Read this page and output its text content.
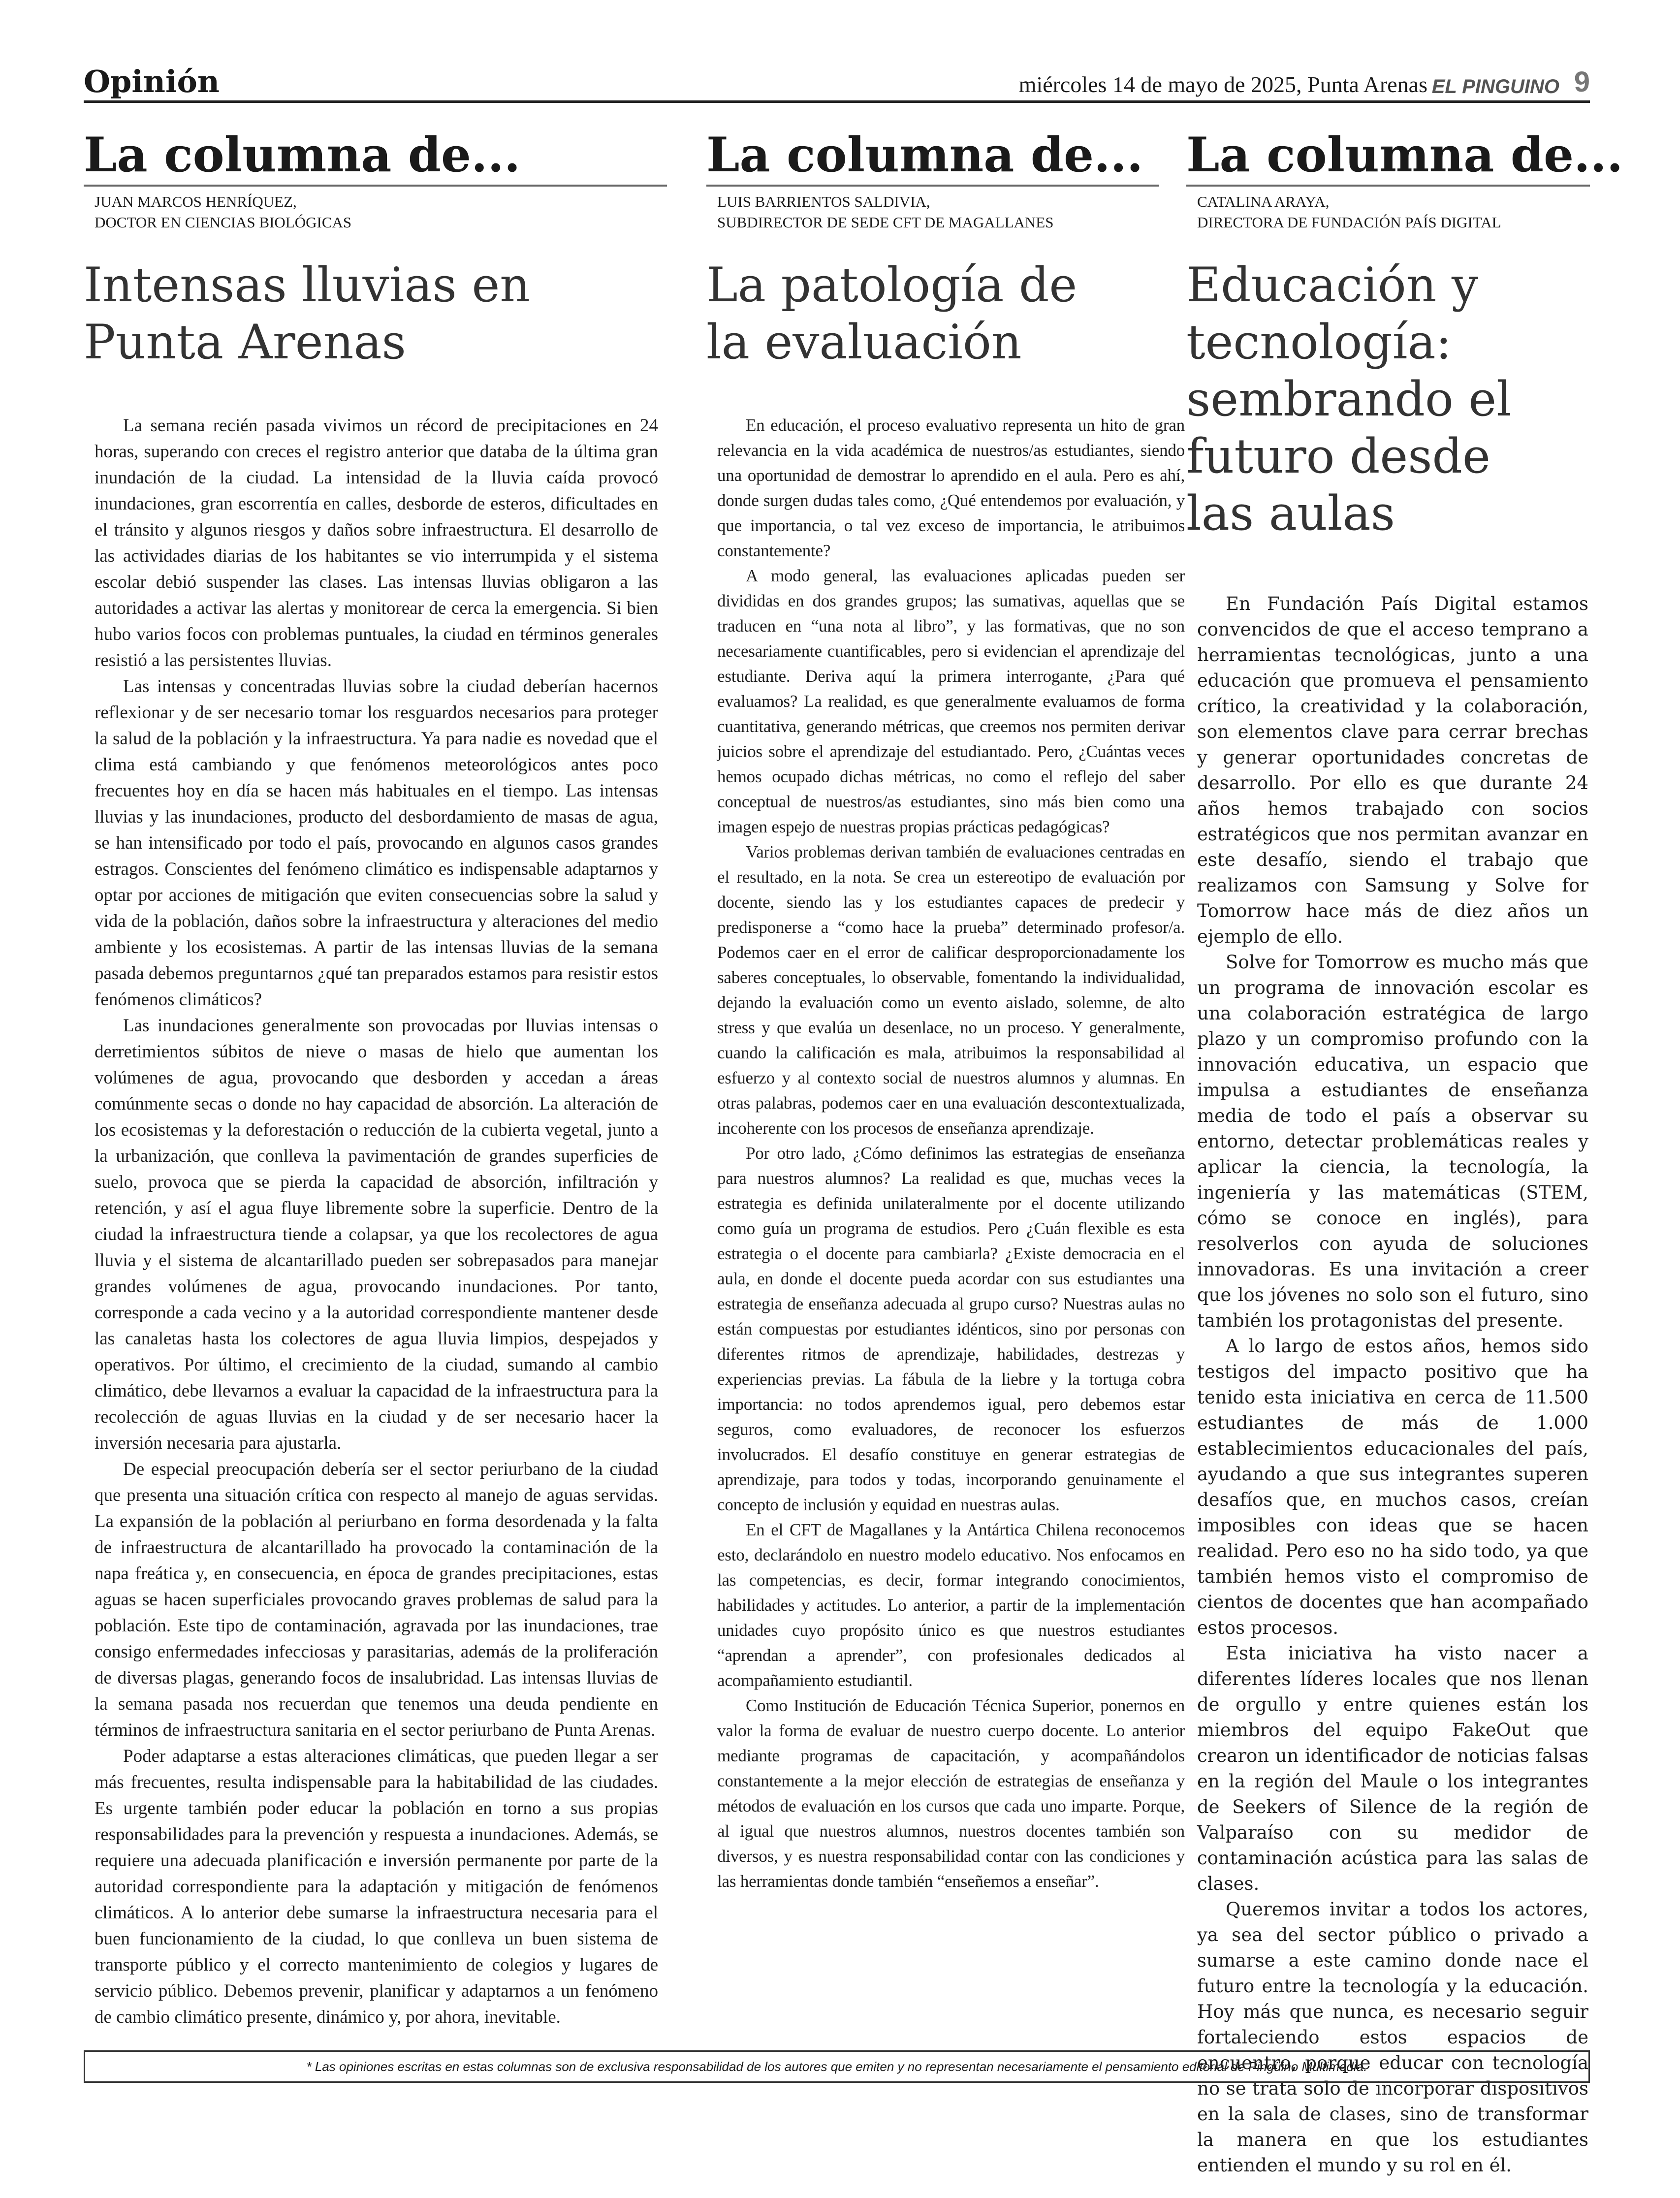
Opinión	miércoles 14 de mayo de 2025, Punta Arenas EL PINGUINO 9
La columna de...
JUAN MARCOS HENRÍQUEZ,
DOCTOR EN CIENCIAS BIOLÓGICAS
Intensas lluvias en
Punta Arenas

La semana recién pasada vivimos un récord de precipitaciones en 24 horas, superando con creces el registro anterior que databa de la última gran inundación de la ciudad. La intensidad de la lluvia caída provocó inundaciones, gran escorrentía en calles, desborde de esteros, dificultades en el tránsito y algunos riesgos y daños sobre infraestructura. El desarrollo de las actividades diarias de los habitantes se vio interrumpida y el sistema escolar debió suspender las clases. Las intensas lluvias obligaron a las autoridades a activar las alertas y monitorear de cerca la emergencia. Si bien hubo varios focos con problemas puntuales, la ciudad en términos generales resistió a las persistentes lluvias.

Las intensas y concentradas lluvias sobre la ciudad deberían hacernos reflexionar y de ser necesario tomar los resguardos necesarios para proteger la salud de la población y la infraestructura. Ya para nadie es novedad que el clima está cambiando y que fenómenos meteorológicos antes poco frecuentes hoy en día se hacen más habituales en el tiempo. Las intensas lluvias y las inundaciones, producto del desbordamiento de masas de agua, se han intensificado por todo el país, provocando en algunos casos grandes estragos. Conscientes del fenómeno climático es indispensable adaptarnos y optar por acciones de mitigación que eviten consecuencias sobre la salud y vida de la población, daños sobre la infraestructura y alteraciones del medio ambiente y los ecosistemas. A partir de las intensas lluvias de la semana pasada debemos preguntarnos ¿qué tan preparados estamos para resistir estos fenómenos climáticos?

Las inundaciones generalmente son provocadas por lluvias intensas o derretimientos súbitos de nieve o masas de hielo que aumentan los volúmenes de agua, provocando que desborden y accedan a áreas comúnmente secas o donde no hay capacidad de absorción. La alteración de los ecosistemas y la deforestación o reducción de la cubierta vegetal, junto a la urbanización, que conlleva la pavimentación de grandes superficies de suelo, provoca que se pierda la capacidad de absorción, infiltración y retención, y así el agua fluye libremente sobre la superficie. Dentro de la ciudad la infraestructura tiende a colapsar, ya que los recolectores de agua lluvia y el sistema de alcantarillado pueden ser sobrepasados para manejar grandes volúmenes de agua, provocando inundaciones. Por tanto, corresponde a cada vecino y a la autoridad correspondiente mantener desde las canaletas hasta los colectores de agua lluvia limpios, despejados y operativos. Por último, el crecimiento de la ciudad, sumando al cambio climático, debe llevarnos a evaluar la capacidad de la infraestructura para la recolección de aguas lluvias en la ciudad y de ser necesario hacer la inversión necesaria para ajustarla.

De especial preocupación debería ser el sector periurbano de la ciudad que presenta una situación crítica con respecto al manejo de aguas servidas. La expansión de la población al periurbano en forma desordenada y la falta de infraestructura de alcantarillado ha provocado la contaminación de la napa freática y, en consecuencia, en época de grandes precipitaciones, estas aguas se hacen superficiales provocando graves problemas de salud para la población. Este tipo de contaminación, agravada por las inundaciones, trae consigo enfermedades infecciosas y parasitarias, además de la proliferación de diversas plagas, generando focos de insalubridad. Las intensas lluvias de la semana pasada nos recuerdan que tenemos una deuda pendiente en términos de infraestructura sanitaria en el sector periurbano de Punta Arenas.

Poder adaptarse a estas alteraciones climáticas, que pueden llegar a ser más frecuentes, resulta indispensable para la habitabilidad de las ciudades. Es urgente también poder educar la población en torno a sus propias responsabilidades para la prevención y respuesta a inundaciones. Además, se requiere una adecuada planificación e inversión permanente por parte de la autoridad correspondiente para la adaptación y mitigación de fenómenos climáticos. A lo anterior debe sumarse la infraestructura necesaria para el buen funcionamiento de la ciudad, lo que conlleva un buen sistema de transporte público y el correcto mantenimiento de colegios y lugares de servicio público. Debemos prevenir, planificar y adaptarnos a un fenómeno de cambio climático presente, dinámico y, por ahora, inevitable.

La columna de...
LUIS BARRIENTOS SALDIVIA,
SUBDIRECTOR DE SEDE CFT DE MAGALLANES
La patología de
la evaluación

En educación, el proceso evaluativo representa un hito de gran relevancia en la vida académica de nuestros/as estudiantes, siendo una oportunidad de demostrar lo aprendido en el aula. Pero es ahí, donde surgen dudas tales como, ¿Qué entendemos por evaluación, y que importancia, o tal vez exceso de importancia, le atribuimos constantemente?

A modo general, las evaluaciones aplicadas pueden ser divididas en dos grandes grupos; las sumativas, aquellas que se traducen en “una nota al libro”, y las formativas, que no son necesariamente cuantificables, pero si evidencian el aprendizaje del estudiante. Deriva aquí la primera interrogante, ¿Para qué evaluamos? La realidad, es que generalmente evaluamos de forma cuantitativa, generando métricas, que creemos nos permiten derivar juicios sobre el aprendizaje del estudiantado. Pero, ¿Cuántas veces hemos ocupado dichas métricas, no como el reflejo del saber conceptual de nuestros/as estudiantes, sino más bien como una imagen espejo de nuestras propias prácticas pedagógicas?

Varios problemas derivan también de evaluaciones centradas en el resultado, en la nota. Se crea un estereotipo de evaluación por docente, siendo las y los estudiantes capaces de predecir y predisponerse a “como hace la prueba” determinado profesor/a. Podemos caer en el error de calificar desproporcionadamente los saberes conceptuales, lo observable, fomentando la individualidad, dejando la evaluación como un evento aislado, solemne, de alto stress y que evalúa un desenlace, no un proceso. Y generalmente, cuando la calificación es mala, atribuimos la responsabilidad al esfuerzo y al contexto social de nuestros alumnos y alumnas. En otras palabras, podemos caer en una evaluación descontextualizada, incoherente con los procesos de enseñanza aprendizaje.

Por otro lado, ¿Cómo definimos las estrategias de enseñanza para nuestros alumnos? La realidad es que, muchas veces la estrategia es definida unilateralmente por el docente utilizando como guía un programa de estudios. Pero ¿Cuán flexible es esta estrategia o el docente para cambiarla? ¿Existe democracia en el aula, en donde el docente pueda acordar con sus estudiantes una estrategia de enseñanza adecuada al grupo curso? Nuestras aulas no están compuestas por estudiantes idénticos, sino por personas con diferentes ritmos de aprendizaje, habilidades, destrezas y experiencias previas. La fábula de la liebre y la tortuga cobra importancia: no todos aprendemos igual, pero debemos estar seguros, como evaluadores, de reconocer los esfuerzos involucrados. El desafío constituye en generar estrategias de aprendizaje, para todos y todas, incorporando genuinamente el concepto de inclusión y equidad en nuestras aulas.

En el CFT de Magallanes y la Antártica Chilena reconocemos esto, declarándolo en nuestro modelo educativo. Nos enfocamos en las competencias, es decir, formar integrando conocimientos, habilidades y actitudes. Lo anterior, a partir de la implementación unidades cuyo propósito único es que nuestros estudiantes “aprendan a aprender”, con profesionales dedicados al acompañamiento estudiantil.

Como Institución de Educación Técnica Superior, ponernos en valor la forma de evaluar de nuestro cuerpo docente. Lo anterior mediante programas de capacitación, y acompañándolos constantemente a la mejor elección de estrategias de enseñanza y métodos de evaluación en los cursos que cada uno imparte. Porque, al igual que nuestros alumnos, nuestros docentes también son diversos, y es nuestra responsabilidad contar con las condiciones y las herramientas donde también “enseñemos a enseñar”.

La columna de...
CATALINA ARAYA,
DIRECTORA DE FUNDACIÓN PAÍS DIGITAL
Educación y
tecnología:
sembrando el
futuro desde
las aulas

En Fundación País Digital estamos convencidos de que el acceso temprano a herramientas tecnológicas, junto a una educación que promueva el pensamiento crítico, la creatividad y la colaboración, son elementos clave para cerrar brechas y generar oportunidades concretas de desarrollo. Por ello es que durante 24 años hemos trabajado con socios estratégicos que nos permitan avanzar en este desafío, siendo el trabajo que realizamos con Samsung y Solve for Tomorrow hace más de diez años un ejemplo de ello.

Solve for Tomorrow es mucho más que un programa de innovación escolar es una colaboración estratégica de largo plazo y un compromiso profundo con la innovación educativa, un espacio que impulsa a estudiantes de enseñanza media de todo el país a observar su entorno, detectar problemáticas reales y aplicar la ciencia, la tecnología, la ingeniería y las matemáticas (STEM, cómo se conoce en inglés), para resolverlos con ayuda de soluciones innovadoras. Es una invitación a creer que los jóvenes no solo son el futuro, sino también los protagonistas del presente.

A lo largo de estos años, hemos sido testigos del impacto positivo que ha tenido esta iniciativa en cerca de 11.500 estudiantes de más de 1.000 establecimientos educacionales del país, ayudando a que sus integrantes superen desafíos que, en muchos casos, creían imposibles con ideas que se hacen realidad. Pero eso no ha sido todo, ya que también hemos visto el compromiso de cientos de docentes que han acompañado estos procesos.

Esta iniciativa ha visto nacer a diferentes líderes locales que nos llenan de orgullo y entre quienes están los miembros del equipo FakeOut que crearon un identificador de noticias falsas en la región del Maule o los integrantes de Seekers of Silence de la región de Valparaíso con su medidor de contaminación acústica para las salas de clases.

Queremos invitar a todos los actores, ya sea del sector público o privado a sumarse a este camino donde nace el futuro entre la tecnología y la educación. Hoy más que nunca, es necesario seguir fortaleciendo estos espacios de encuentro, porque educar con tecnología no se trata solo de incorporar dispositivos en la sala de clases, sino de transformar la manera en que los estudiantes entienden el mundo y su rol en él.

* Las opiniones escritas en estas columnas son de exclusiva responsabilidad de los autores que emiten y no representan necesariamente el pensamiento editorial de Pingüino Multimedia.
